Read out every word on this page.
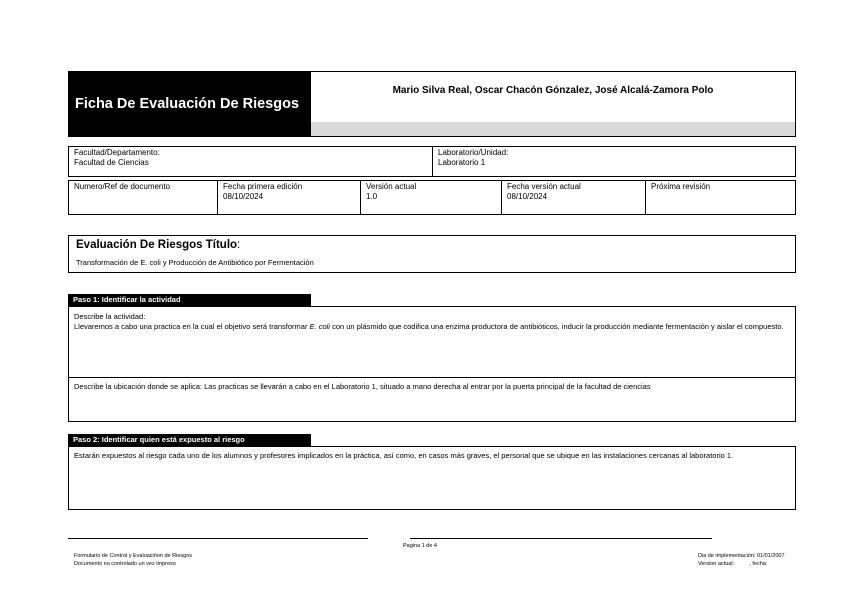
Ficha De Evaluación De Riesgos
Mario Silva Real, Oscar Chacón Gónzalez, José Alcalá-Zamora Polo
Facultad/Departamento:
Facultad de Ciencias
Laboratorio/Unidad:
Laboratorio 1
Numero/Ref de documento	Fecha primera edición
08/10/2024
Versión actual
1.0
Fecha versión actual
08/10/2024
Próxima revisión
Evaluación De Riesgos Título:
Transformación de E. coli y Producción de Antibiótico por Fermentación
Paso 1: Identificar la actividad
Describe la actividad:
Llevaremos a cabo una practica en la cual el objetivo será transformar E. coli con un plásmido que codifica una enzima productora de antibióticos, inducir la producción mediante fermentación y aislar el compuesto.
Describe la ubicación donde se aplica: Las practicas se llevarán a cabo en el Laboratorio 1, situado a mano derecha al entrar por la puerta principal de la facultad de ciencias
Paso 2: Identificar quien está expuesto al riesgo
Estarán expuestos al riesgo cada uno de los alumnos y profesores implicados en la práctica, así como, en casos más graves, el personal que se ubique en las instalaciones cercanas al laboratorio 1.
Pagina 1 de 4
Formulario de Control y Evaluacińon de Riesgos
Documento no controlado un vez impreso
Dia de implementación: 01/01/2007
Version actual:          , fecha:
